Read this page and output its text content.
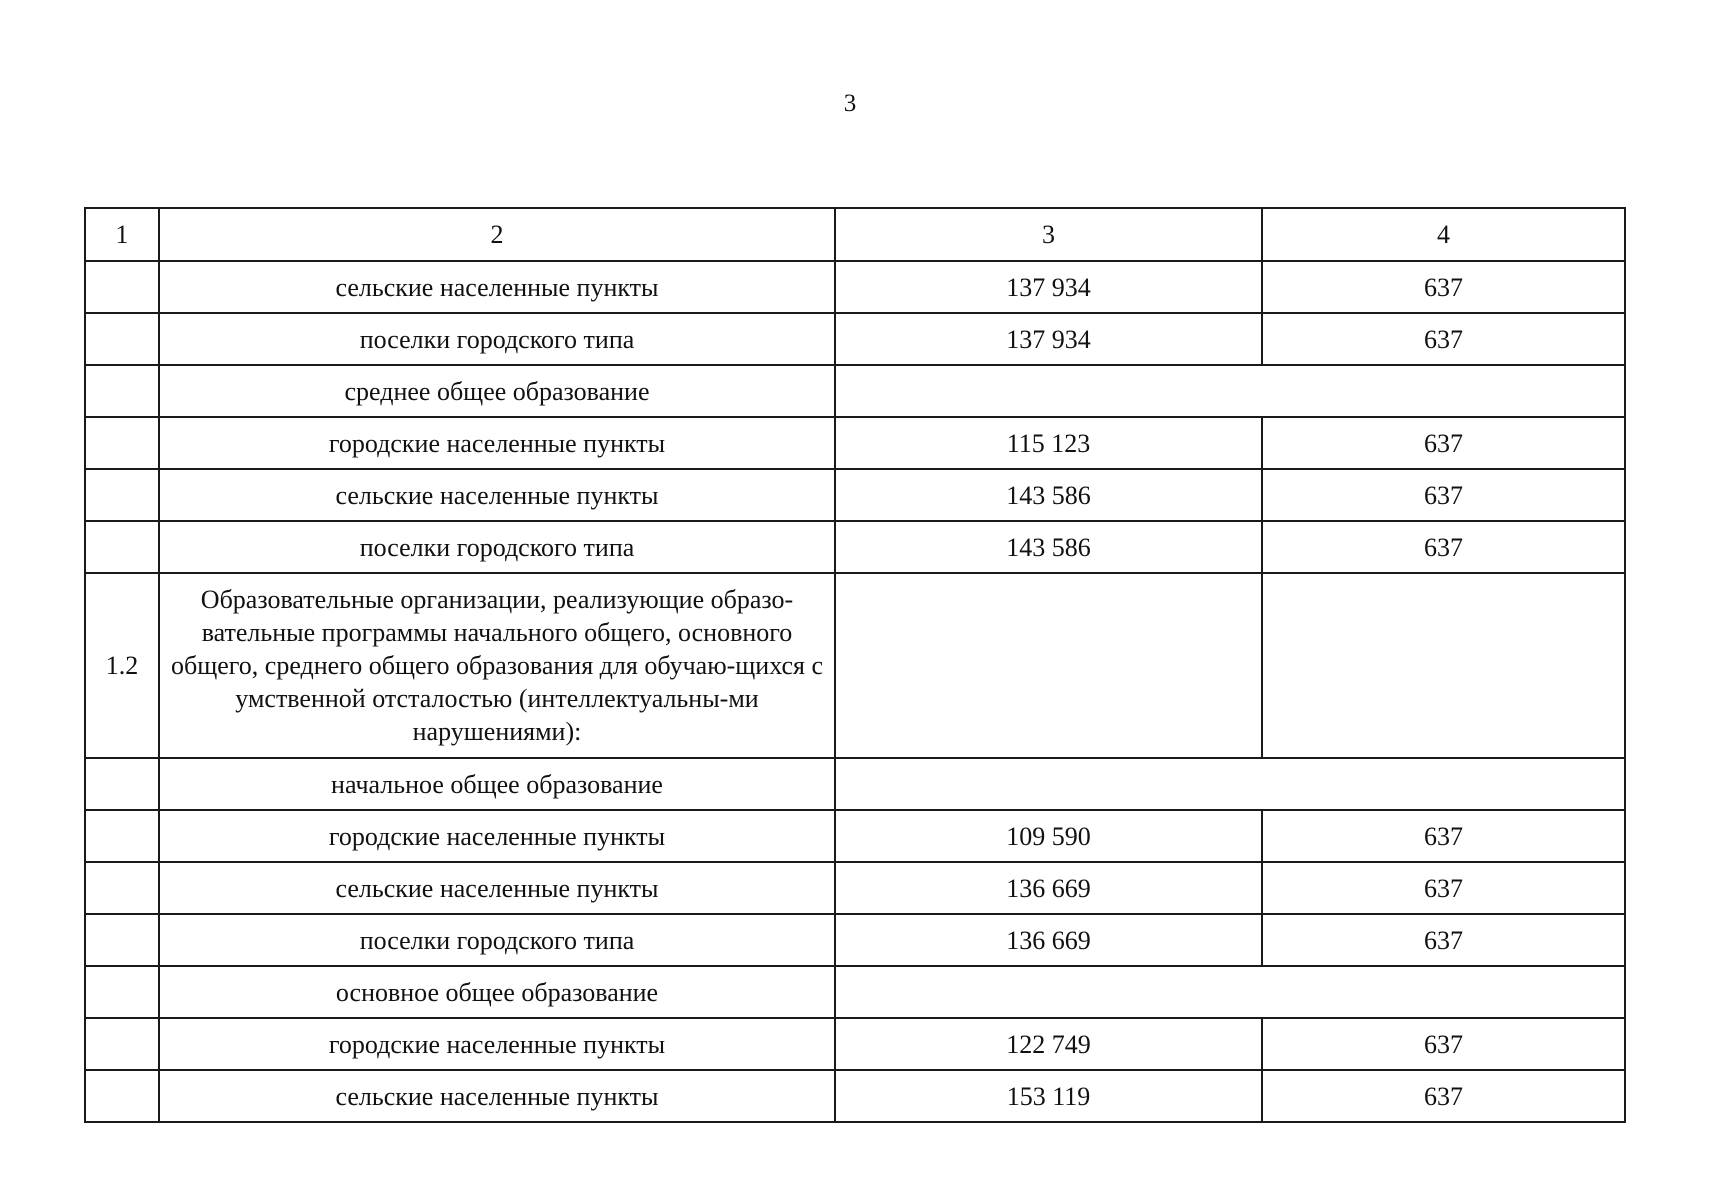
3
1	2	3	4
	сельские населенные пункты	137 934	637
	поселки городского типа	137 934	637
	среднее общее образование		
	городские населенные пункты	115 123	637
	сельские населенные пункты	143 586	637
	поселки городского типа	143 586	637
1.2	Образовательные организации, реализующие образо-вательные программы начального общего, основного общего, среднего общего образования для обучаю-щихся с умственной отсталостью (интеллектуальны-ми нарушениями):		
	начальное общее образование		
	городские населенные пункты	109 590	637
	сельские населенные пункты	136 669	637
	поселки городского типа	136 669	637
	основное общее образование		
	городские населенные пункты	122 749	637
	сельские населенные пункты	153 119	637
